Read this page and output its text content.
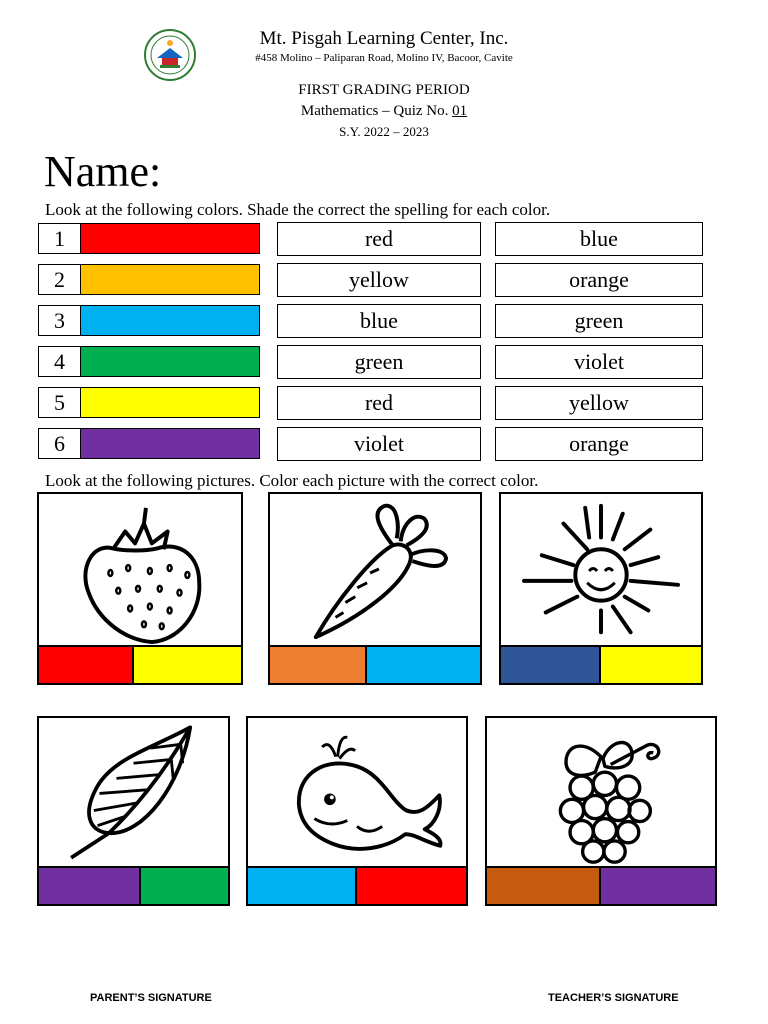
Mt. Pisgah Learning Center, Inc.
#458 Molino – Paliparan Road, Molino IV, Bacoor, Cavite
FIRST GRADING PERIOD
Mathematics – Quiz No. 01
S.Y. 2022 – 2023
Name:
Look at the following colors. Shade the correct the spelling for each color.
1	red	blue
2	yellow	orange
3	blue	green
4	green	violet
5	red	yellow
6	violet	orange
Look at the following pictures. Color each picture with the correct color.
PARENT’S SIGNATURE	TEACHER’S SIGNATURE
